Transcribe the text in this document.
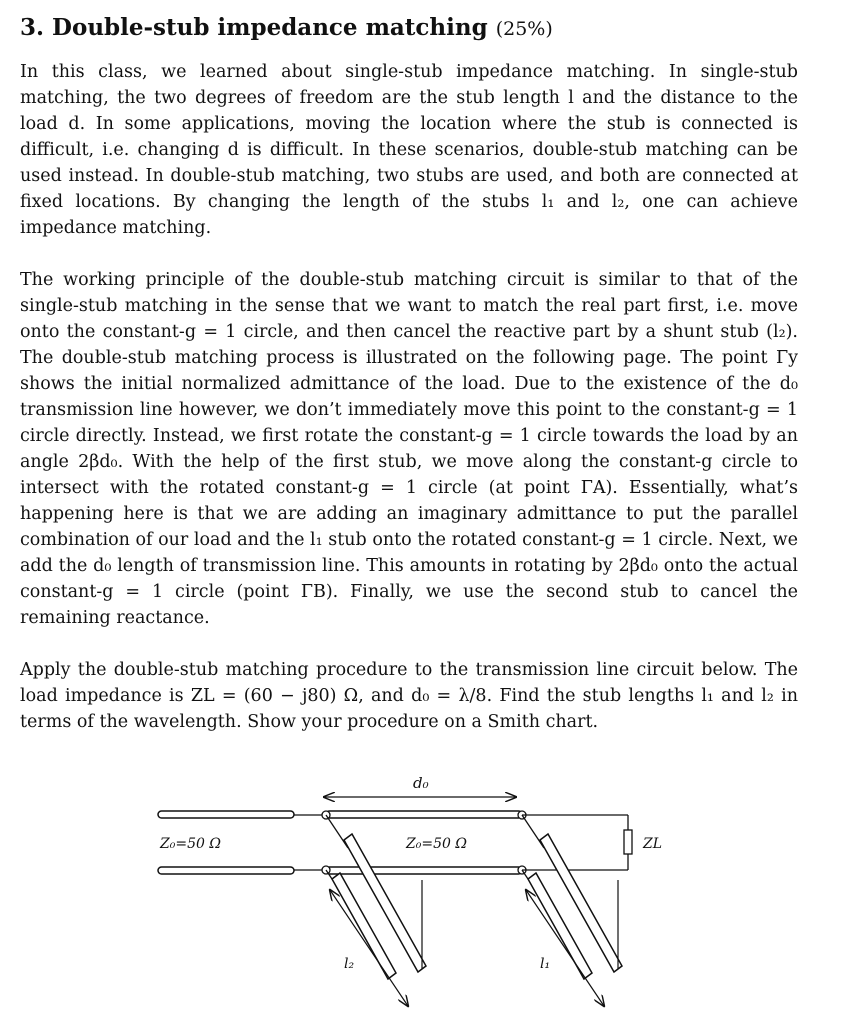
3. Double-stub impedance matching (25%)

In this class, we learned about single-stub impedance matching. In single-stub matching, the two degrees of freedom are the stub length l and the distance to the load d. In some applications, moving the location where the stub is connected is difficult, i.e. changing d is difficult. In these scenarios, double-stub matching can be used instead. In double-stub matching, two stubs are used, and both are connected at fixed locations. By changing the length of the stubs l₁ and l₂, one can achieve impedance matching.

The working principle of the double-stub matching circuit is similar to that of the single-stub matching in the sense that we want to match the real part first, i.e. move onto the constant-g = 1 circle, and then cancel the reactive part by a shunt stub (l₂). The double-stub matching process is illustrated on the following page. The point Γy shows the initial normalized admittance of the load. Due to the existence of the d₀ transmission line however, we don’t immediately move this point to the constant-g = 1 circle directly. Instead, we first rotate the constant-g = 1 circle towards the load by an angle 2βd₀. With the help of the first stub, we move along the constant-g circle to intersect with the rotated constant-g = 1 circle (at point ΓA). Essentially, what’s happening here is that we are adding an imaginary admittance to put the parallel combination of our load and the l₁ stub onto the rotated constant-g = 1 circle. Next, we add the d₀ length of transmission line. This amounts in rotating by 2βd₀ onto the actual constant-g = 1 circle (point ΓB). Finally, we use the second stub to cancel the remaining reactance.

Apply the double-stub matching procedure to the transmission line circuit below. The load impedance is ZL = (60 − j80) Ω, and d₀ = λ/8. Find the stub lengths l₁ and l₂ in terms of the wavelength. Show your procedure on a Smith chart.

d₀
Z₀=50 Ω	Z₀=50 Ω	ZL
l₂	l₁
